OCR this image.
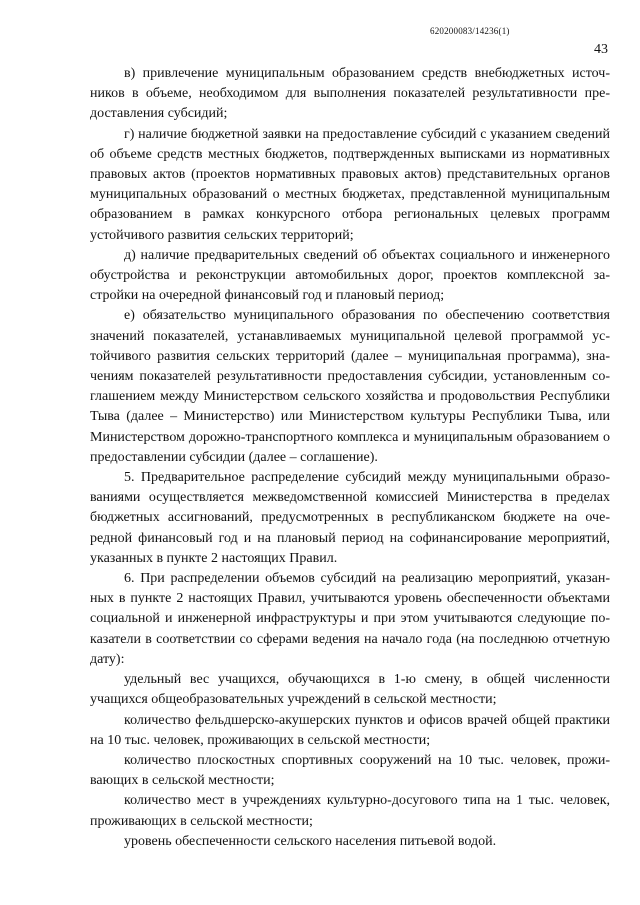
620200083/14236(1)
43

в) привлечение муниципальным образованием средств внебюджетных источников в объеме, необходимом для выполнения показателей результативности предоставления субсидий;

г) наличие бюджетной заявки на предоставление субсидий с указанием сведений об объеме средств местных бюджетов, подтвержденных выписками из нормативных правовых актов (проектов нормативных правовых актов) представительных органов муниципальных образований о местных бюджетах, представленной муниципальным образованием в рамках конкурсного отбора региональных целевых программ устойчивого развития сельских территорий;

д) наличие предварительных сведений об объектах социального и инженерного обустройства и реконструкции автомобильных дорог, проектов комплексной застройки на очередной финансовый год и плановый период;

е) обязательство муниципального образования по обеспечению соответствия значений показателей, устанавливаемых муниципальной целевой программой устойчивого развития сельских территорий (далее – муниципальная программа), значениям показателей результативности предоставления субсидии, установленным соглашением между Министерством сельского хозяйства и продовольствия Республики Тыва (далее – Министерство) или Министерством культуры Республики Тыва, или Министерством дорожно-транспортного комплекса и муниципальным образованием о предоставлении субсидии (далее – соглашение).

5. Предварительное распределение субсидий между муниципальными образованиями осуществляется межведомственной комиссией Министерства в пределах бюджетных ассигнований, предусмотренных в республиканском бюджете на очередной финансовый год и на плановый период на софинансирование мероприятий, указанных в пункте 2 настоящих Правил.

6. При распределении объемов субсидий на реализацию мероприятий, указанных в пункте 2 настоящих Правил, учитываются уровень обеспеченности объектами социальной и инженерной инфраструктуры и при этом учитываются следующие показатели в соответствии со сферами ведения на начало года (на последнюю отчетную дату):

удельный вес учащихся, обучающихся в 1-ю смену, в общей численности учащихся общеобразовательных учреждений в сельской местности;

количество фельдшерско-акушерских пунктов и офисов врачей общей практики на 10 тыс. человек, проживающих в сельской местности;

количество плоскостных спортивных сооружений на 10 тыс. человек, проживающих в сельской местности;

количество мест в учреждениях культурно-досугового типа на 1 тыс. человек, проживающих в сельской местности;

уровень обеспеченности сельского населения питьевой водой.
